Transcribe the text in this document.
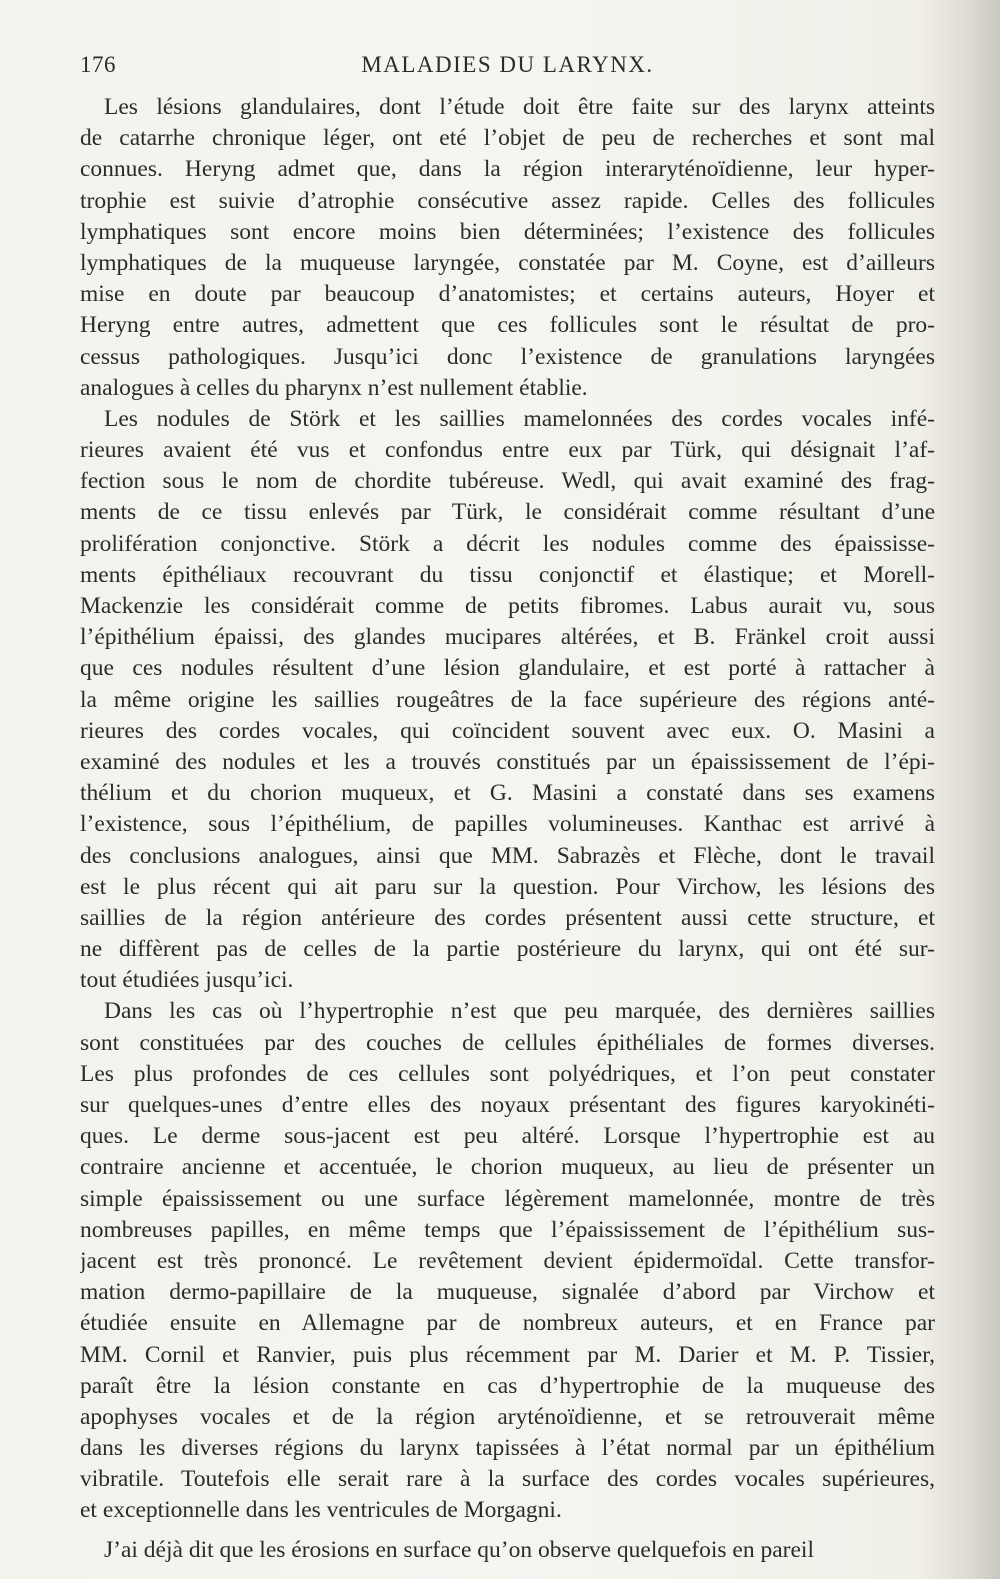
176	MALADIES DU LARYNX.
Les lésions glandulaires, dont l’étude doit être faite sur des larynx atteints
de catarrhe chronique léger, ont eté l’objet de peu de recherches et sont mal
connues. Heryng admet que, dans la région interaryténoïdienne, leur hyper-
trophie est suivie d’atrophie consécutive assez rapide. Celles des follicules
lymphatiques sont encore moins bien déterminées; l’existence des follicules
lymphatiques de la muqueuse laryngée, constatée par M. Coyne, est d’ailleurs
mise en doute par beaucoup d’anatomistes; et certains auteurs, Hoyer et
Heryng entre autres, admettent que ces follicules sont le résultat de pro-
cessus pathologiques. Jusqu’ici donc l’existence de granulations laryngées
analogues à celles du pharynx n’est nullement établie.
Les nodules de Störk et les saillies mamelonnées des cordes vocales infé-
rieures avaient été vus et confondus entre eux par Türk, qui désignait l’af-
fection sous le nom de chordite tubéreuse. Wedl, qui avait examiné des frag-
ments de ce tissu enlevés par Türk, le considérait comme résultant d’une
prolifération conjonctive. Störk a décrit les nodules comme des épaississe-
ments épithéliaux recouvrant du tissu conjonctif et élastique; et Morell-
Mackenzie les considérait comme de petits fibromes. Labus aurait vu, sous
l’épithélium épaissi, des glandes mucipares altérées, et B. Fränkel croit aussi
que ces nodules résultent d’une lésion glandulaire, et est porté à rattacher à
la même origine les saillies rougeâtres de la face supérieure des régions anté-
rieures des cordes vocales, qui coïncident souvent avec eux. O. Masini a
examiné des nodules et les a trouvés constitués par un épaississement de l’épi-
thélium et du chorion muqueux, et G. Masini a constaté dans ses examens
l’existence, sous l’épithélium, de papilles volumineuses. Kanthac est arrivé à
des conclusions analogues, ainsi que MM. Sabrazès et Flèche, dont le travail
est le plus récent qui ait paru sur la question. Pour Virchow, les lésions des
saillies de la région antérieure des cordes présentent aussi cette structure, et
ne diffèrent pas de celles de la partie postérieure du larynx, qui ont été sur-
tout étudiées jusqu’ici.
Dans les cas où l’hypertrophie n’est que peu marquée, des dernières saillies
sont constituées par des couches de cellules épithéliales de formes diverses.
Les plus profondes de ces cellules sont polyédriques, et l’on peut constater
sur quelques-unes d’entre elles des noyaux présentant des figures karyokinéti-
ques. Le derme sous-jacent est peu altéré. Lorsque l’hypertrophie est au
contraire ancienne et accentuée, le chorion muqueux, au lieu de présenter un
simple épaississement ou une surface légèrement mamelonnée, montre de très
nombreuses papilles, en même temps que l’épaississement de l’épithélium sus-
jacent est très prononcé. Le revêtement devient épidermoïdal. Cette transfor-
mation dermo-papillaire de la muqueuse, signalée d’abord par Virchow et
étudiée ensuite en Allemagne par de nombreux auteurs, et en France par
MM. Cornil et Ranvier, puis plus récemment par M. Darier et M. P. Tissier,
paraît être la lésion constante en cas d’hypertrophie de la muqueuse des
apophyses vocales et de la région aryténoïdienne, et se retrouverait même
dans les diverses régions du larynx tapissées à l’état normal par un épithélium
vibratile. Toutefois elle serait rare à la surface des cordes vocales supérieures,
et exceptionnelle dans les ventricules de Morgagni.
J’ai déjà dit que les érosions en surface qu’on observe quelquefois en pareil
